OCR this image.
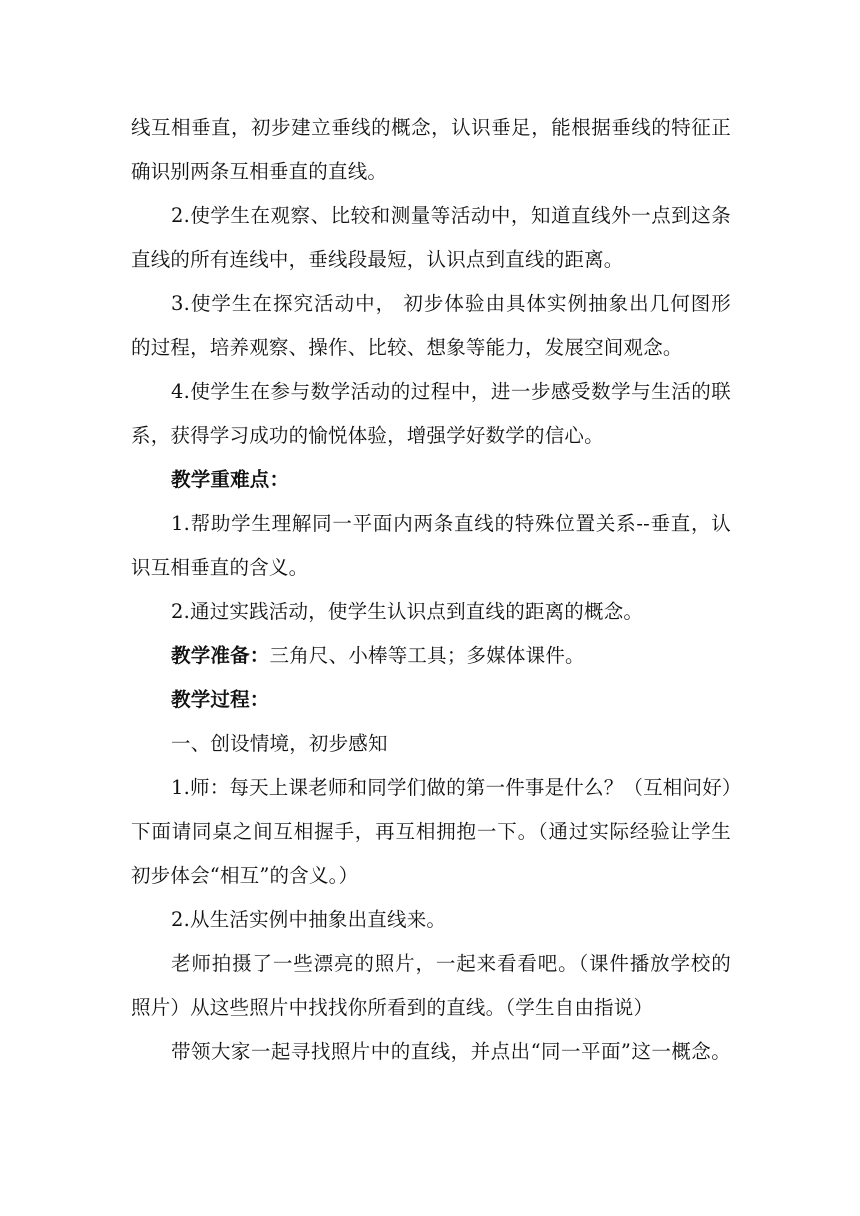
线互相垂直，初步建立垂线的概念，认识垂足，能根据垂线的特征正
确识别两条互相垂直的直线。

2.使学生在观察、比较和测量等活动中，知道直线外一点到这条
直线的所有连线中，垂线段最短，认识点到直线的距离。

3.使学生在探究活动中， 初步体验由具体实例抽象出几何图形
的过程，培养观察、操作、比较、想象等能力，发展空间观念。

4.使学生在参与数学活动的过程中，进一步感受数学与生活的联
系，获得学习成功的愉悦体验，增强学好数学的信心。

教学重难点：

1.帮助学生理解同一平面内两条直线的特殊位置关系--垂直，认
识互相垂直的含义。

2.通过实践活动，使学生认识点到直线的距离的概念。

教学准备：三角尺、小棒等工具；多媒体课件。

教学过程：

一、创设情境，初步感知

1.师：每天上课老师和同学们做的第一件事是什么？（互相问好）
下面请同桌之间互相握手，再互相拥抱一下。（通过实际经验让学生
初步体会“相互”的含义。）

2.从生活实例中抽象出直线来。

老师拍摄了一些漂亮的照片，一起来看看吧。（课件播放学校的
照片）从这些照片中找找你所看到的直线。（学生自由指说）

带领大家一起寻找照片中的直线，并点出“同一平面”这一概念。
